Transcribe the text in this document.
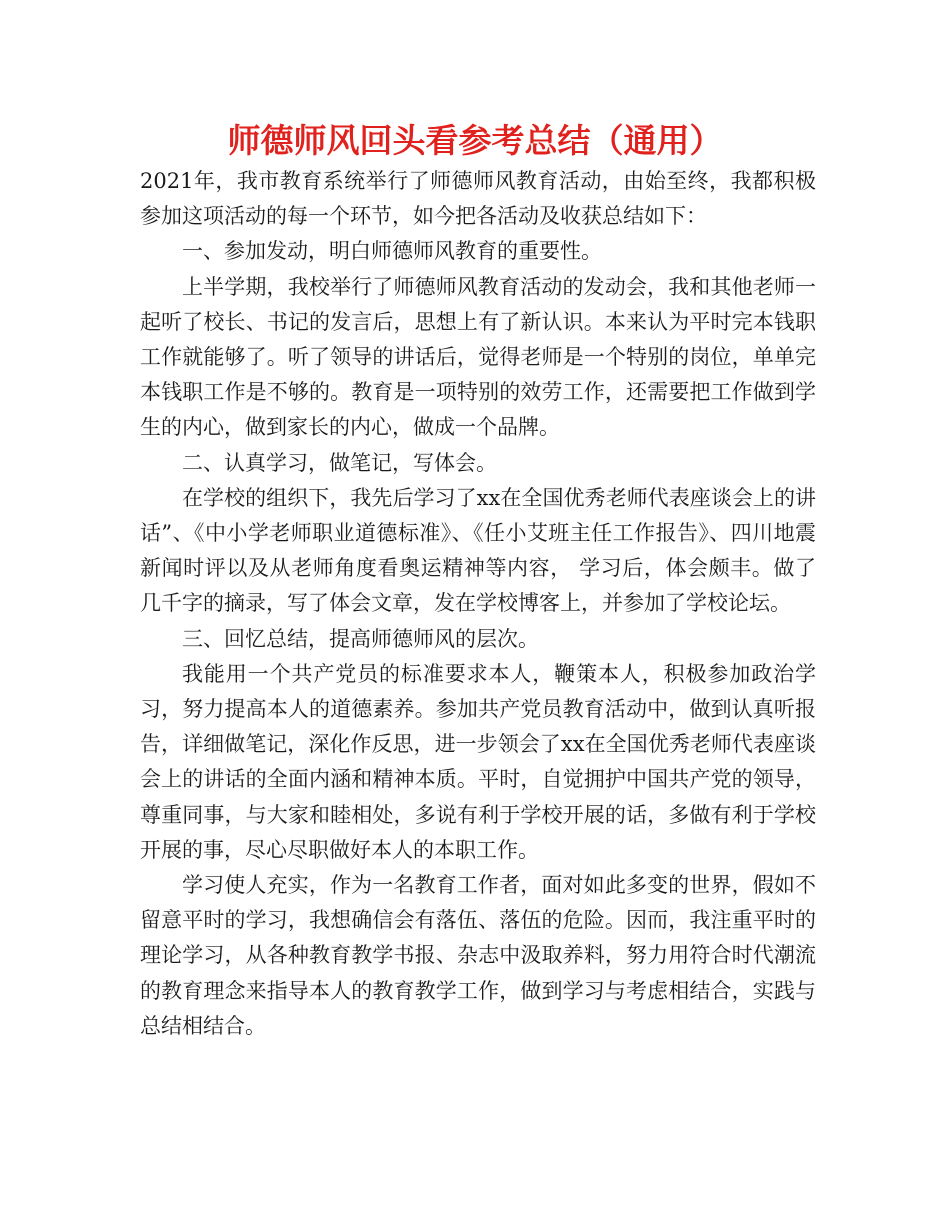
师德师风回头看参考总结（通用）

2021年，我市教育系统举行了师德师风教育活动，由始至终，我都积极参加这项活动的每一个环节，如今把各活动及收获总结如下：

一、参加发动，明白师德师风教育的重要性。

上半学期，我校举行了师德师风教育活动的发动会，我和其他老师一起听了校长、书记的发言后，思想上有了新认识。本来认为平时完本钱职工作就能够了。听了领导的讲话后，觉得老师是一个特别的岗位，单单完本钱职工作是不够的。教育是一项特别的效劳工作，还需要把工作做到学生的内心，做到家长的内心，做成一个品牌。

二、认真学习，做笔记，写体会。

在学校的组织下，我先后学习了xx在全国优秀老师代表座谈会上的讲话”、《中小学老师职业道德标准》、《任小艾班主任工作报告》、四川地震新闻时评以及从老师角度看奥运精神等内容， 学习后，体会颇丰。做了几千字的摘录，写了体会文章，发在学校博客上，并参加了学校论坛。

三、回忆总结，提高师德师风的层次。

我能用一个共产党员的标准要求本人，鞭策本人，积极参加政治学习，努力提高本人的道德素养。参加共产党员教育活动中，做到认真听报告，详细做笔记，深化作反思，进一步领会了xx在全国优秀老师代表座谈会上的讲话的全面内涵和精神本质。平时，自觉拥护中国共产党的领导，尊重同事，与大家和睦相处，多说有利于学校开展的话，多做有利于学校开展的事，尽心尽职做好本人的本职工作。

学习使人充实，作为一名教育工作者，面对如此多变的世界，假如不留意平时的学习，我想确信会有落伍、落伍的危险。因而，我注重平时的理论学习，从各种教育教学书报、杂志中汲取养料，努力用符合时代潮流的教育理念来指导本人的教育教学工作，做到学习与考虑相结合，实践与总结相结合。
